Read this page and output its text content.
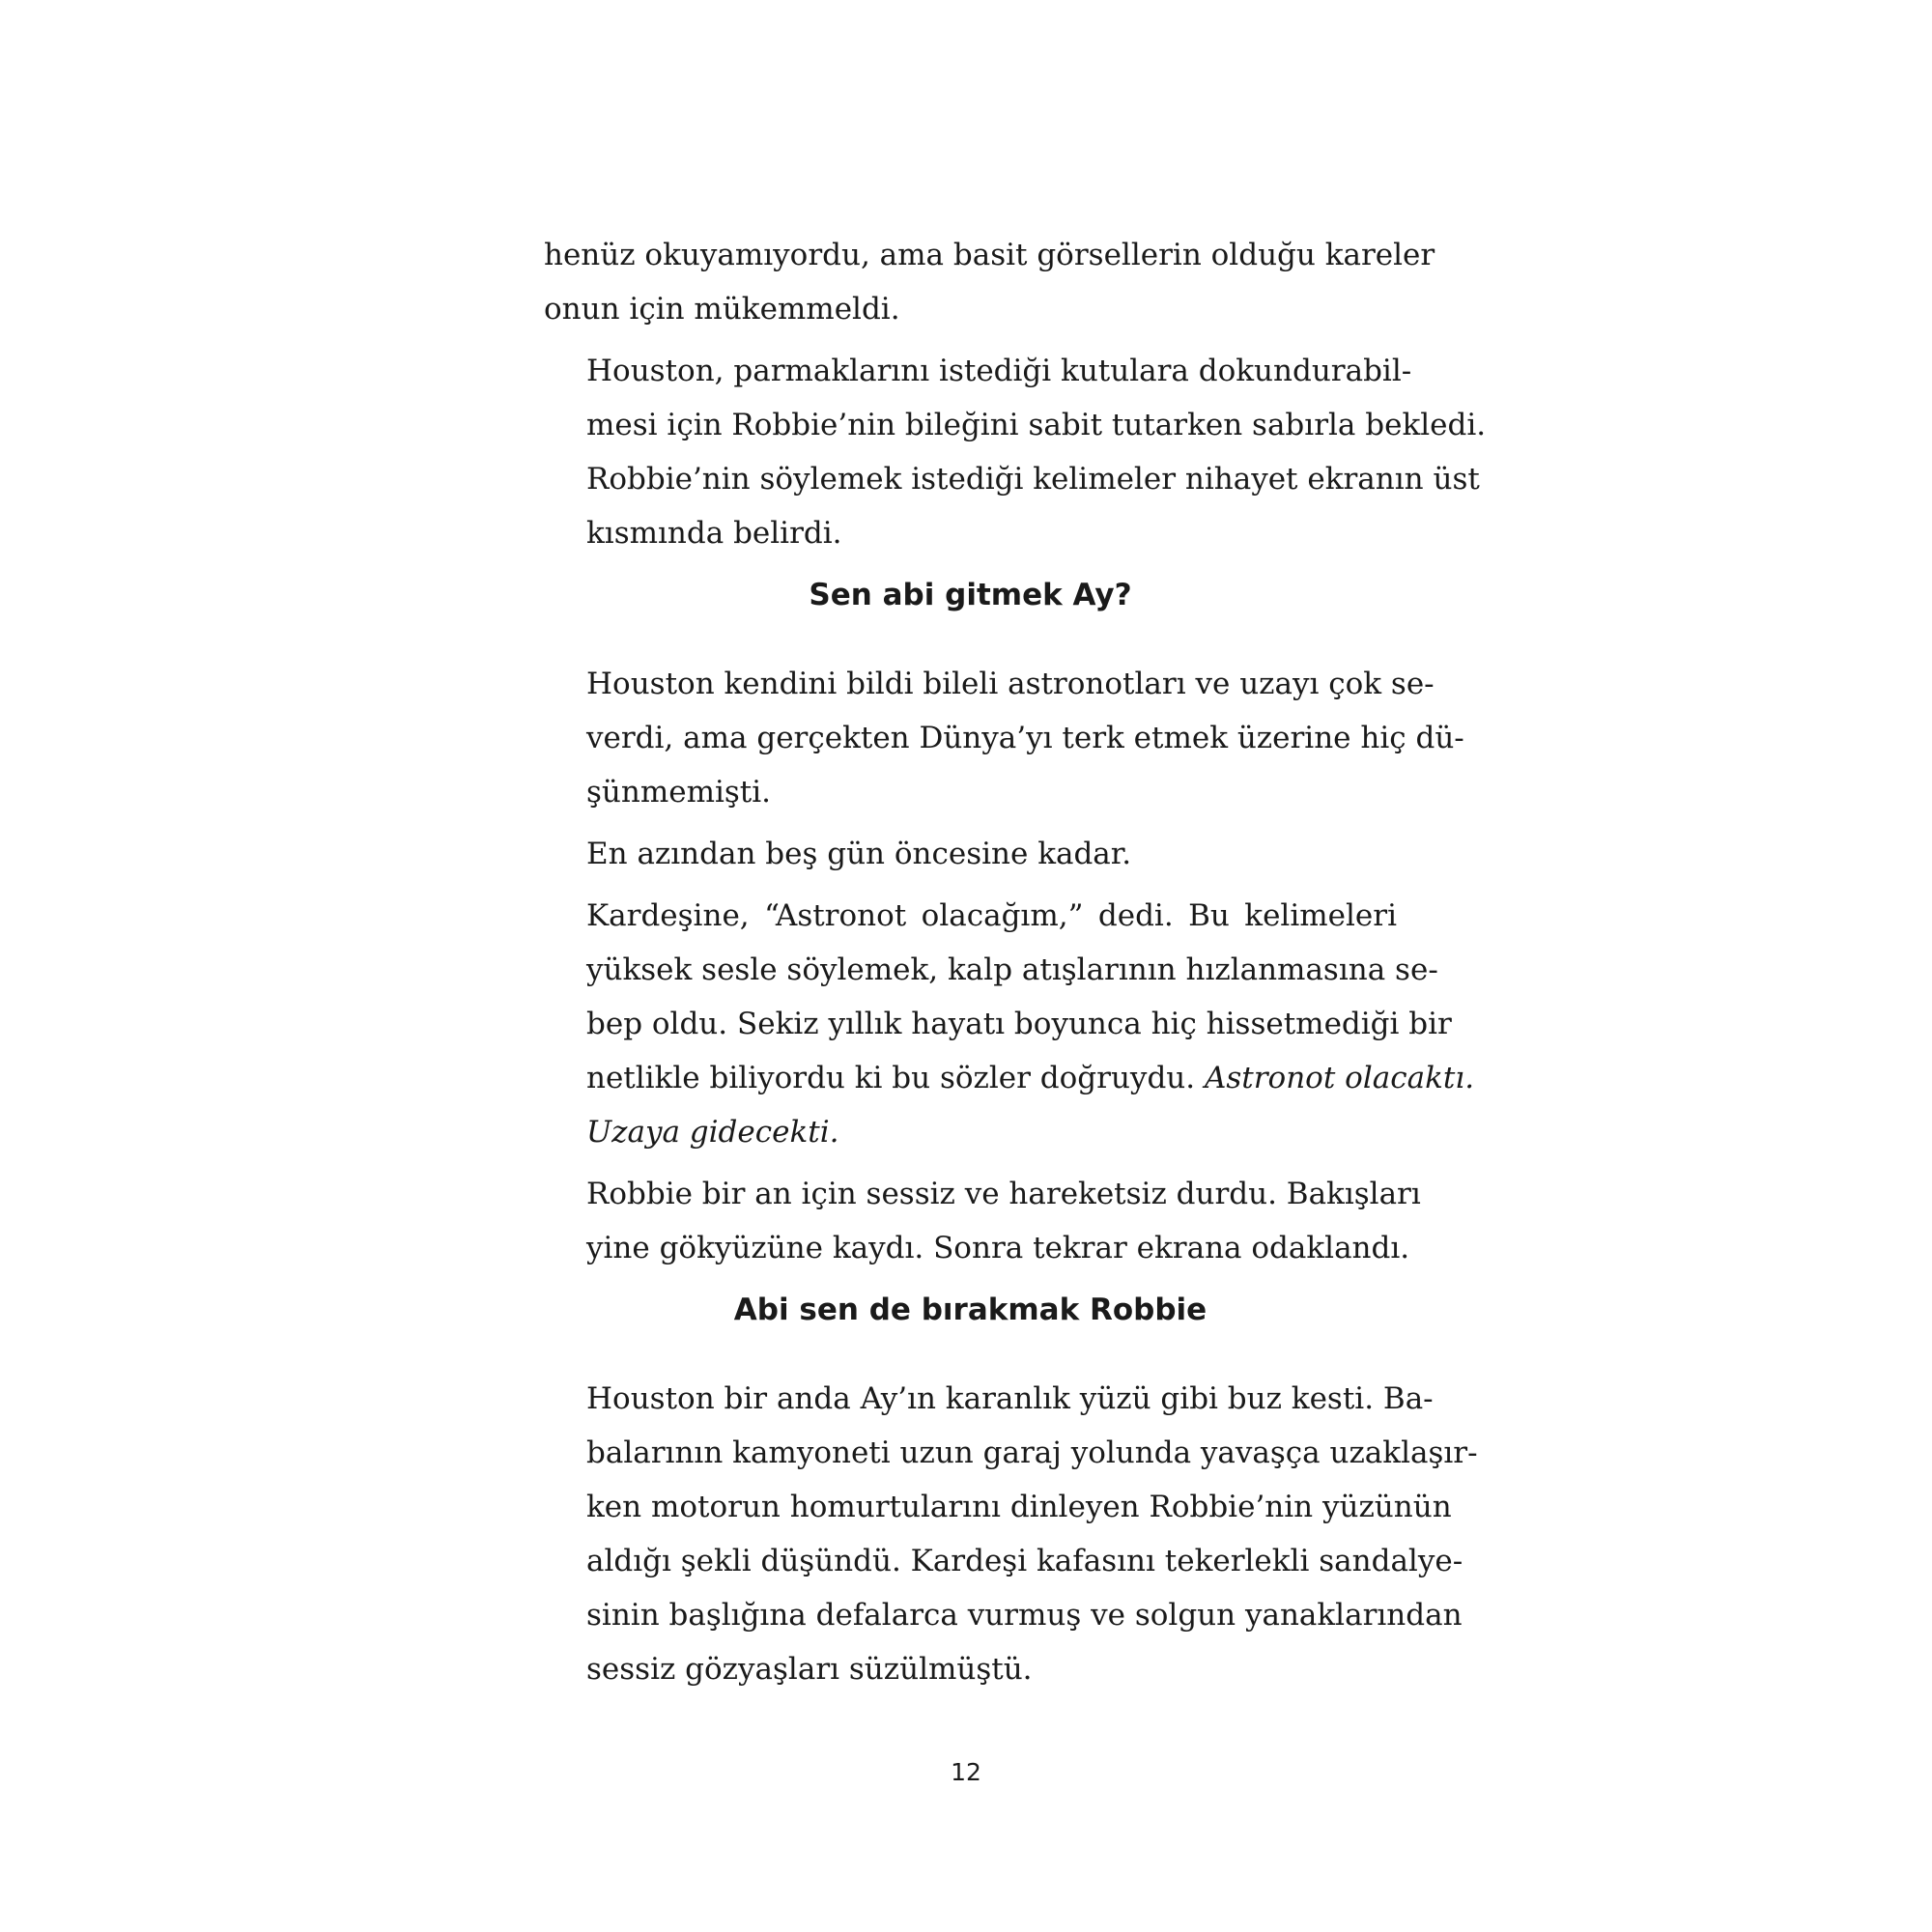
henüz okuyamıyordu, ama basit görsellerin olduğu kareler
onun için mükemmeldi.

Houston, parmaklarını istediği kutulara dokundurabil-
mesi için Robbie’nin bileğini sabit tutarken sabırla bekledi.
Robbie’nin söylemek istediği kelimeler nihayet ekranın üst
kısmında belirdi.

Sen abi gitmek Ay?

Houston kendini bildi bileli astronotları ve uzayı çok se-
verdi, ama gerçekten Dünya’yı terk etmek üzerine hiç dü-
şünmemişti.

En azından beş gün öncesine kadar.

Kardeşine, “Astronot olacağım,” dedi. Bu kelimeleri
yüksek sesle söylemek, kalp atışlarının hızlanmasına se-
bep oldu. Sekiz yıllık hayatı boyunca hiç hissetmediği bir
netlikle biliyordu ki bu sözler doğruydu. Astronot olacaktı.
Uzaya gidecekti.

Robbie bir an için sessiz ve hareketsiz durdu. Bakışları
yine gökyüzüne kaydı. Sonra tekrar ekrana odaklandı.

Abi sen de bırakmak Robbie

Houston bir anda Ay’ın karanlık yüzü gibi buz kesti. Ba-
balarının kamyoneti uzun garaj yolunda yavaşça uzaklaşır-
ken motorun homurtularını dinleyen Robbie’nin yüzünün
aldığı şekli düşündü. Kardeşi kafasını tekerlekli sandalye-
sinin başlığına defalarca vurmuş ve solgun yanaklarından
sessiz gözyaşları süzülmüştü.

12
